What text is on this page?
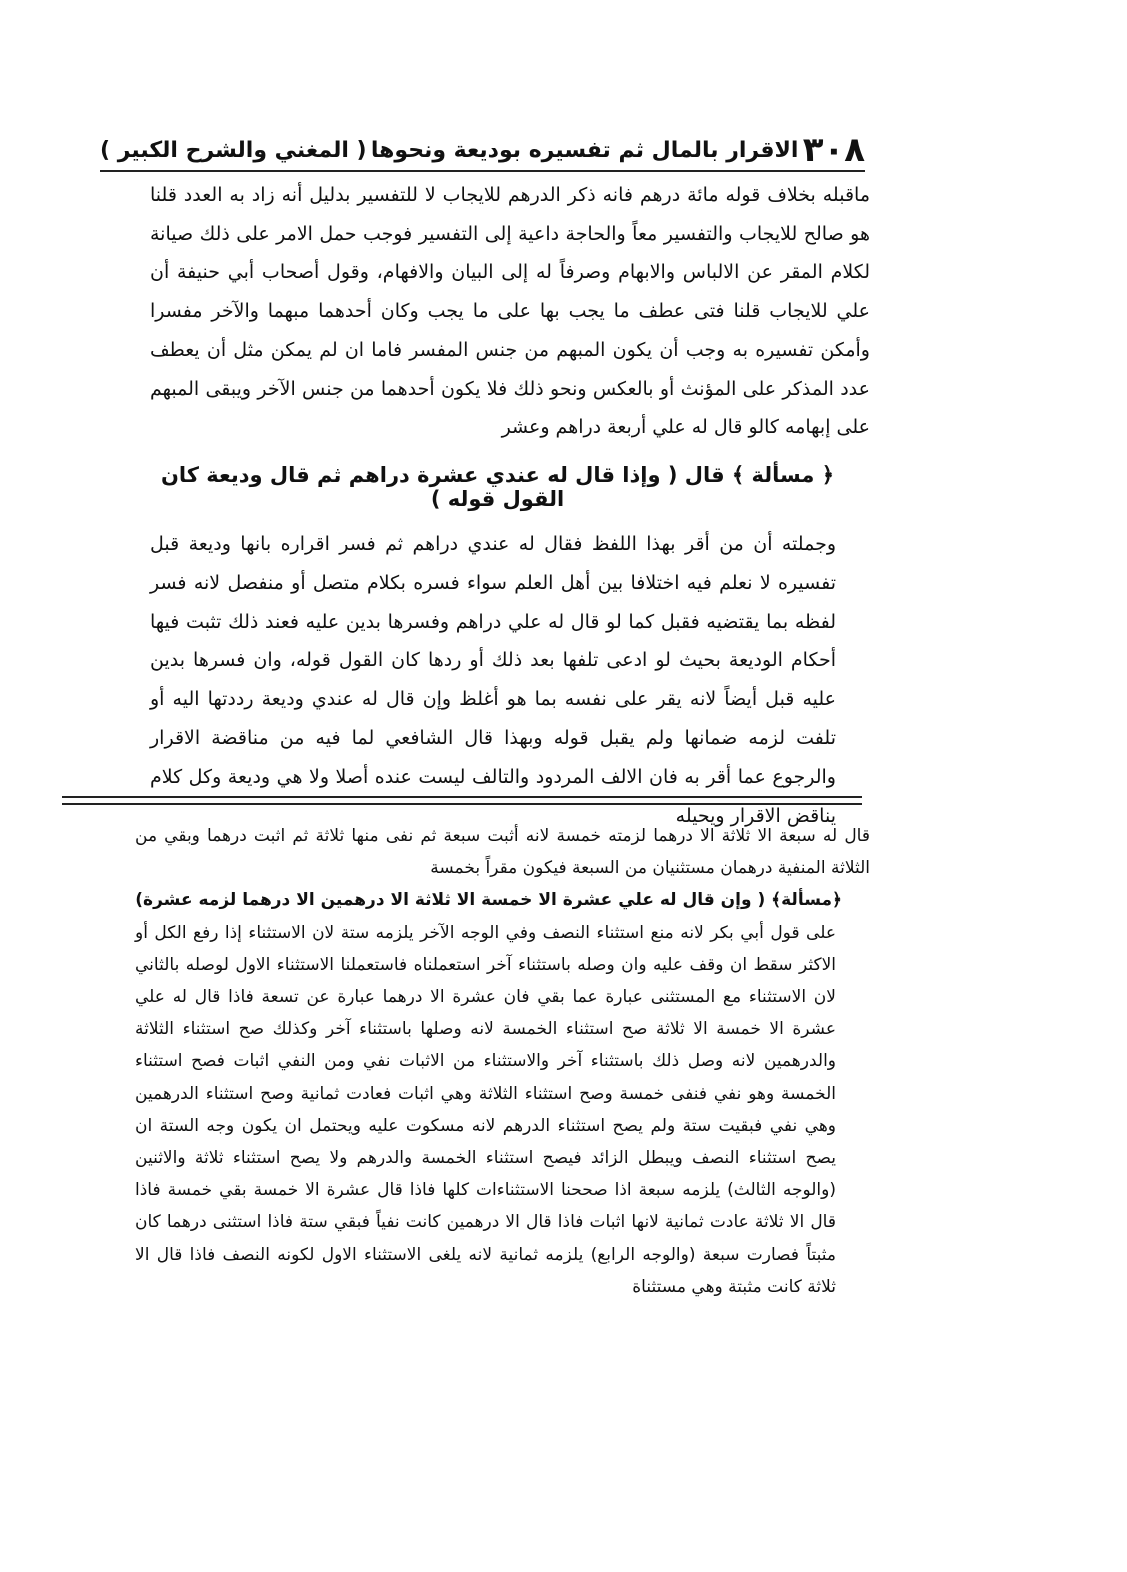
٣٠٨
الاقرار بالمال ثم تفسيره بوديعة ونحوها
( المغني والشرح الكبير )

ماقبله بخلاف قوله مائة درهم فانه ذكر الدرهم للايجاب لا للتفسير بدليل أنه زاد به العدد قلنا هو صالح للايجاب والتفسير معاً والحاجة داعية إلى التفسير فوجب حمل الامر على ذلك صيانة لكلام المقر عن الالباس والابهام وصرفاً له إلى البيان والافهام، وقول أصحاب أبي حنيفة أن علي للايجاب قلنا فتى عطف ما يجب بها على ما يجب وكان أحدهما مبهما والآخر مفسرا وأمكن تفسيره به وجب أن يكون المبهم من جنس المفسر فاما ان لم يمكن مثل أن يعطف عدد المذكر على المؤنث أو بالعكس ونحو ذلك فلا يكون أحدهما من جنس الآخر ويبقى المبهم على إبهامه كالو قال له علي أربعة دراهم وعشر

﴿ مسألة ﴾ قال ( وإذا قال له عندي عشرة دراهم ثم قال وديعة كان القول قوله )

وجملته أن من أقر بهذا اللفظ فقال له عندي دراهم ثم فسر اقراره بانها وديعة قبل تفسيره لا نعلم فيه اختلافا بين أهل العلم سواء فسره بكلام متصل أو منفصل لانه فسر لفظه بما يقتضيه فقبل كما لو قال له علي دراهم وفسرها بدين عليه فعند ذلك تثبت فيها أحكام الوديعة بحيث لو ادعى تلفها بعد ذلك أو ردها كان القول قوله، وان فسرها بدين عليه قبل أيضاً لانه يقر على نفسه بما هو أغلظ وإن قال له عندي وديعة رددتها اليه أو تلفت لزمه ضمانها ولم يقبل قوله وبهذا قال الشافعي لما فيه من مناقضة الاقرار والرجوع عما أقر به فان الالف المردود والتالف ليست عنده أصلا ولا هي وديعة وكل كلام يناقض الاقرار ويحيله

قال له سبعة الا ثلاثة الا درهما لزمته خمسة لانه أثبت سبعة ثم نفى منها ثلاثة ثم اثبت درهما وبقي من الثلاثة المنفية درهمان مستثنيان من السبعة فيكون مقراً بخمسة

﴿مسألة﴾ ( وإن قال له علي عشرة الا خمسة الا ثلاثة الا درهمين الا درهما لزمه عشرة)

على قول أبي بكر لانه منع استثناء النصف وفي الوجه الآخر يلزمه ستة لان الاستثناء إذا رفع الكل أو الاكثر سقط ان وقف عليه وان وصله باستثناء آخر استعملناه فاستعملنا الاستثناء الاول لوصله بالثاني لان الاستثناء مع المستثنى عبارة عما بقي فان عشرة الا درهما عبارة عن تسعة فاذا قال له علي عشرة الا خمسة الا ثلاثة صح استثناء الخمسة لانه وصلها باستثناء آخر وكذلك صح استثناء الثلاثة والدرهمين لانه وصل ذلك باستثناء آخر والاستثناء من الاثبات نفي ومن النفي اثبات فصح استثناء الخمسة وهو نفي فنفى خمسة وصح استثناء الثلاثة وهي اثبات فعادت ثمانية وصح استثناء الدرهمين وهي نفي فبقيت ستة ولم يصح استثناء الدرهم لانه مسكوت عليه ويحتمل ان يكون وجه الستة ان يصح استثناء النصف ويبطل الزائد فيصح استثناء الخمسة والدرهم ولا يصح استثناء ثلاثة والاثنين (والوجه الثالث) يلزمه سبعة اذا صححنا الاستثناءات كلها فاذا قال عشرة الا خمسة بقي خمسة فاذا قال الا ثلاثة عادت ثمانية لانها اثبات فاذا قال الا درهمين كانت نفياً فبقي ستة فاذا استثنى درهما كان مثبتاً فصارت سبعة (والوجه الرابع) يلزمه ثمانية لانه يلغى الاستثناء الاول لكونه النصف فاذا قال الا ثلاثة كانت مثبتة وهي مستثناة
